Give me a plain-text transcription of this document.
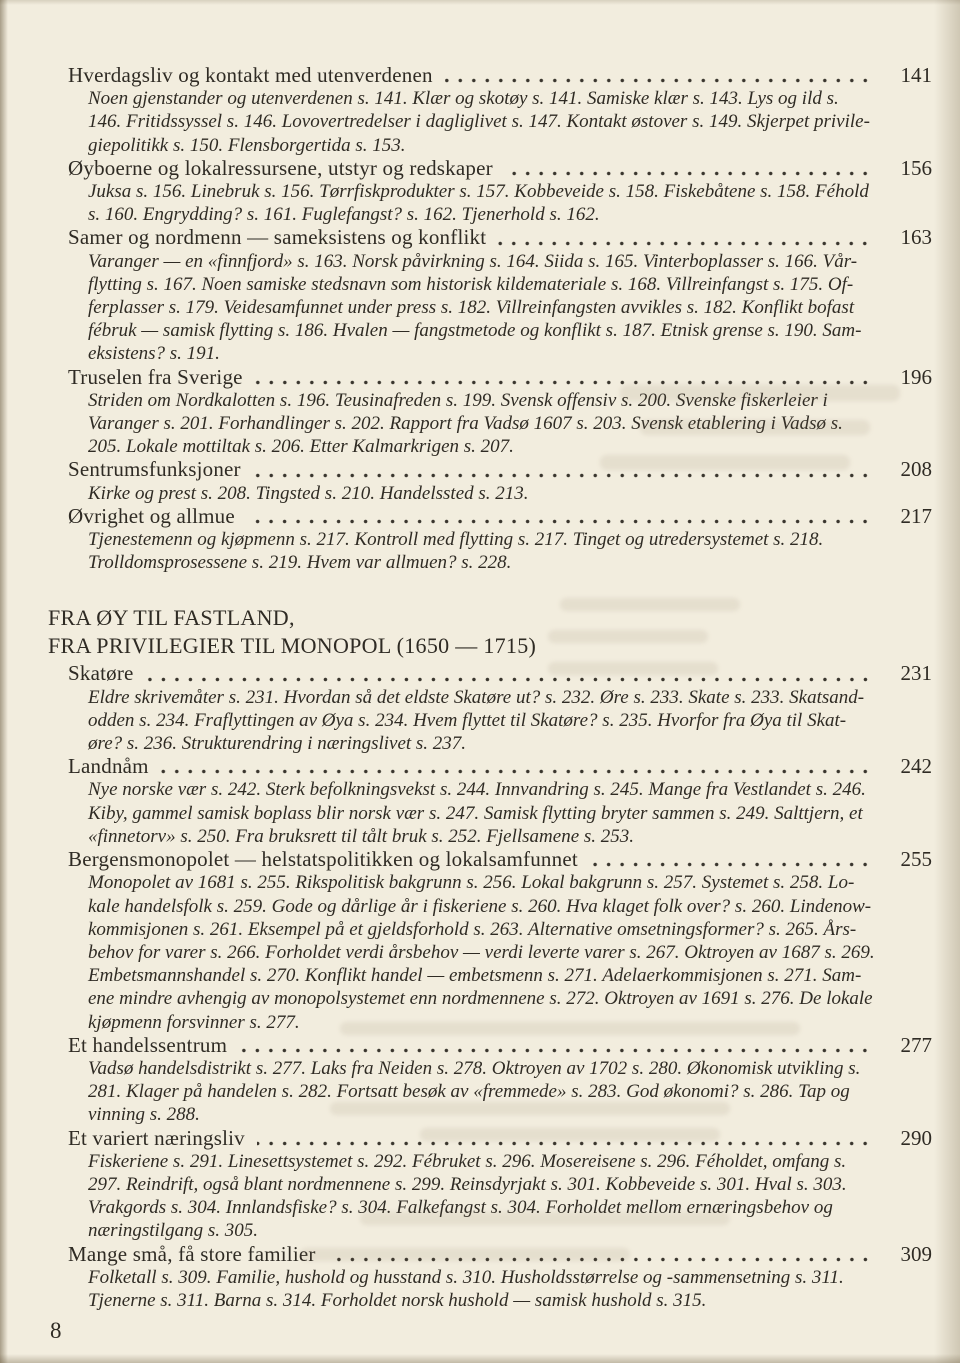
Hverdagsliv og kontakt med utenverdenen	141
Noen gjenstander og utenverdenen s. 141. Klær og skotøy s. 141. Samiske klær s. 143. Lys og ild s.
146. Fritidssyssel s. 146. Lovovertredelser i dagliglivet s. 147. Kontakt østover s. 149. Skjerpet privile-
giepolitikk s. 150. Flensborgertida s. 153.
Øyboerne og lokalressursene, utstyr og redskaper	156
Juksa s. 156. Linebruk s. 156. Tørrfiskprodukter s. 157. Kobbeveide s. 158. Fiskebåtene s. 158. Féhold
s. 160. Engrydding? s. 161. Fuglefangst? s. 162. Tjenerhold s. 162.
Samer og nordmenn — sameksistens og konflikt	163
Varanger — en «finnfjord» s. 163. Norsk påvirkning s. 164. Siida s. 165. Vinterboplasser s. 166. Vår-
flytting s. 167. Noen samiske stedsnavn som historisk kildemateriale s. 168. Villreinfangst s. 175. Of-
ferplasser s. 179. Veidesamfunnet under press s. 182. Villreinfangsten avvikles s. 182. Konflikt bofast
fébruk — samisk flytting s. 186. Hvalen — fangstmetode og konflikt s. 187. Etnisk grense s. 190. Sam-
eksistens? s. 191.
Truselen fra Sverige	196
Striden om Nordkalotten s. 196. Teusinafreden s. 199. Svensk offensiv s. 200. Svenske fiskerleier i
Varanger s. 201. Forhandlinger s. 202. Rapport fra Vadsø 1607 s. 203. Svensk etablering i Vadsø s.
205. Lokale mottiltak s. 206. Etter Kalmarkrigen s. 207.
Sentrumsfunksjoner	208
Kirke og prest s. 208. Tingsted s. 210. Handelssted s. 213.
Øvrighet og allmue	217
Tjenestemenn og kjøpmenn s. 217. Kontroll med flytting s. 217. Tinget og utredersystemet s. 218.
Trolldomsprosessene s. 219. Hvem var allmuen? s. 228.
FRA ØY TIL FASTLAND,
FRA PRIVILEGIER TIL MONOPOL (1650 — 1715)
Skatøre	231
Eldre skrivemåter s. 231. Hvordan så det eldste Skatøre ut? s. 232. Øre s. 233. Skate s. 233. Skatsand-
odden s. 234. Fraflyttingen av Øya s. 234. Hvem flyttet til Skatøre? s. 235. Hvorfor fra Øya til Skat-
øre? s. 236. Strukturendring i næringslivet s. 237.
Landnåm	242
Nye norske vær s. 242. Sterk befolkningsvekst s. 244. Innvandring s. 245. Mange fra Vestlandet s. 246.
Kiby, gammel samisk boplass blir norsk vær s. 247. Samisk flytting bryter sammen s. 249. Salttjern, et
«finnetorv» s. 250. Fra bruksrett til tålt bruk s. 252. Fjellsamene s. 253.
Bergensmonopolet — helstatspolitikken og lokalsamfunnet	255
Monopolet av 1681 s. 255. Rikspolitisk bakgrunn s. 256. Lokal bakgrunn s. 257. Systemet s. 258. Lo-
kale handelsfolk s. 259. Gode og dårlige år i fiskeriene s. 260. Hva klaget folk over? s. 260. Lindenow-
kommisjonen s. 261. Eksempel på et gjeldsforhold s. 263. Alternative omsetningsformer? s. 265. Års-
behov for varer s. 266. Forholdet verdi årsbehov — verdi leverte varer s. 267. Oktroyen av 1687 s. 269.
Embetsmannshandel s. 270. Konflikt handel — embetsmenn s. 271. Adelaerkommisjonen s. 271. Sam-
ene mindre avhengig av monopolsystemet enn nordmennene s. 272. Oktroyen av 1691 s. 276. De lokale
kjøpmenn forsvinner s. 277.
Et handelssentrum	277
Vadsø handelsdistrikt s. 277. Laks fra Neiden s. 278. Oktroyen av 1702 s. 280. Økonomisk utvikling s.
281. Klager på handelen s. 282. Fortsatt besøk av «fremmede» s. 283. God økonomi? s. 286. Tap og
vinning s. 288.
Et variert næringsliv	290
Fiskeriene s. 291. Linesettsystemet s. 292. Fébruket s. 296. Mosereisene s. 296. Féholdet, omfang s.
297. Reindrift, også blant nordmennene s. 299. Reinsdyrjakt s. 301. Kobbeveide s. 301. Hval s. 303.
Vrakgords s. 304. Innlandsfiske? s. 304. Falkefangst s. 304. Forholdet mellom ernæringsbehov og
næringstilgang s. 305.
Mange små, få store familier	309
Folketall s. 309. Familie, hushold og husstand s. 310. Husholdsstørrelse og -sammensetning s. 311.
Tjenerne s. 311. Barna s. 314. Forholdet norsk hushold — samisk hushold s. 315.
8
